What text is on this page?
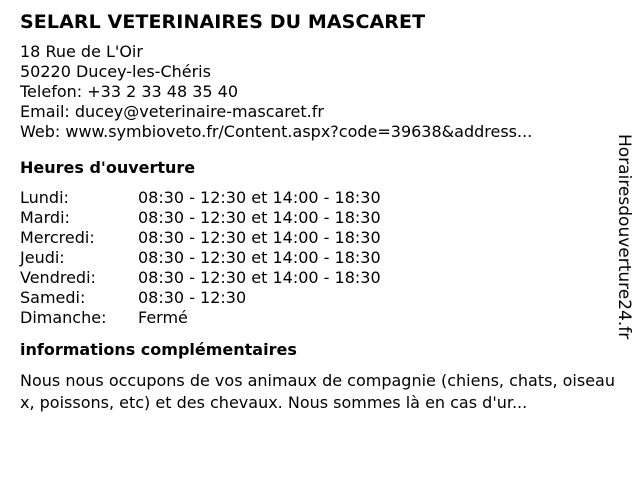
SELARL VETERINAIRES DU MASCARET
18 Rue de L'Oir
50220 Ducey-les-Chéris
Telefon: +33 2 33 48 35 40
Email: ducey@veterinaire-mascaret.fr
Web: www.symbioveto.fr/Content.aspx?code=39638&address...
Heures d'ouverture
Lundi:	08:30 - 12:30 et 14:00 - 18:30
Mardi:	08:30 - 12:30 et 14:00 - 18:30
Mercredi:	08:30 - 12:30 et 14:00 - 18:30
Jeudi:	08:30 - 12:30 et 14:00 - 18:30
Vendredi:	08:30 - 12:30 et 14:00 - 18:30
Samedi:	08:30 - 12:30
Dimanche:	Fermé
informations complémentaires
Nous nous occupons de vos animaux de compagnie (chiens, chats, oiseaux, poissons, etc) et des chevaux. Nous sommes là en cas d'ur...
Horairesdouverture24.fr
